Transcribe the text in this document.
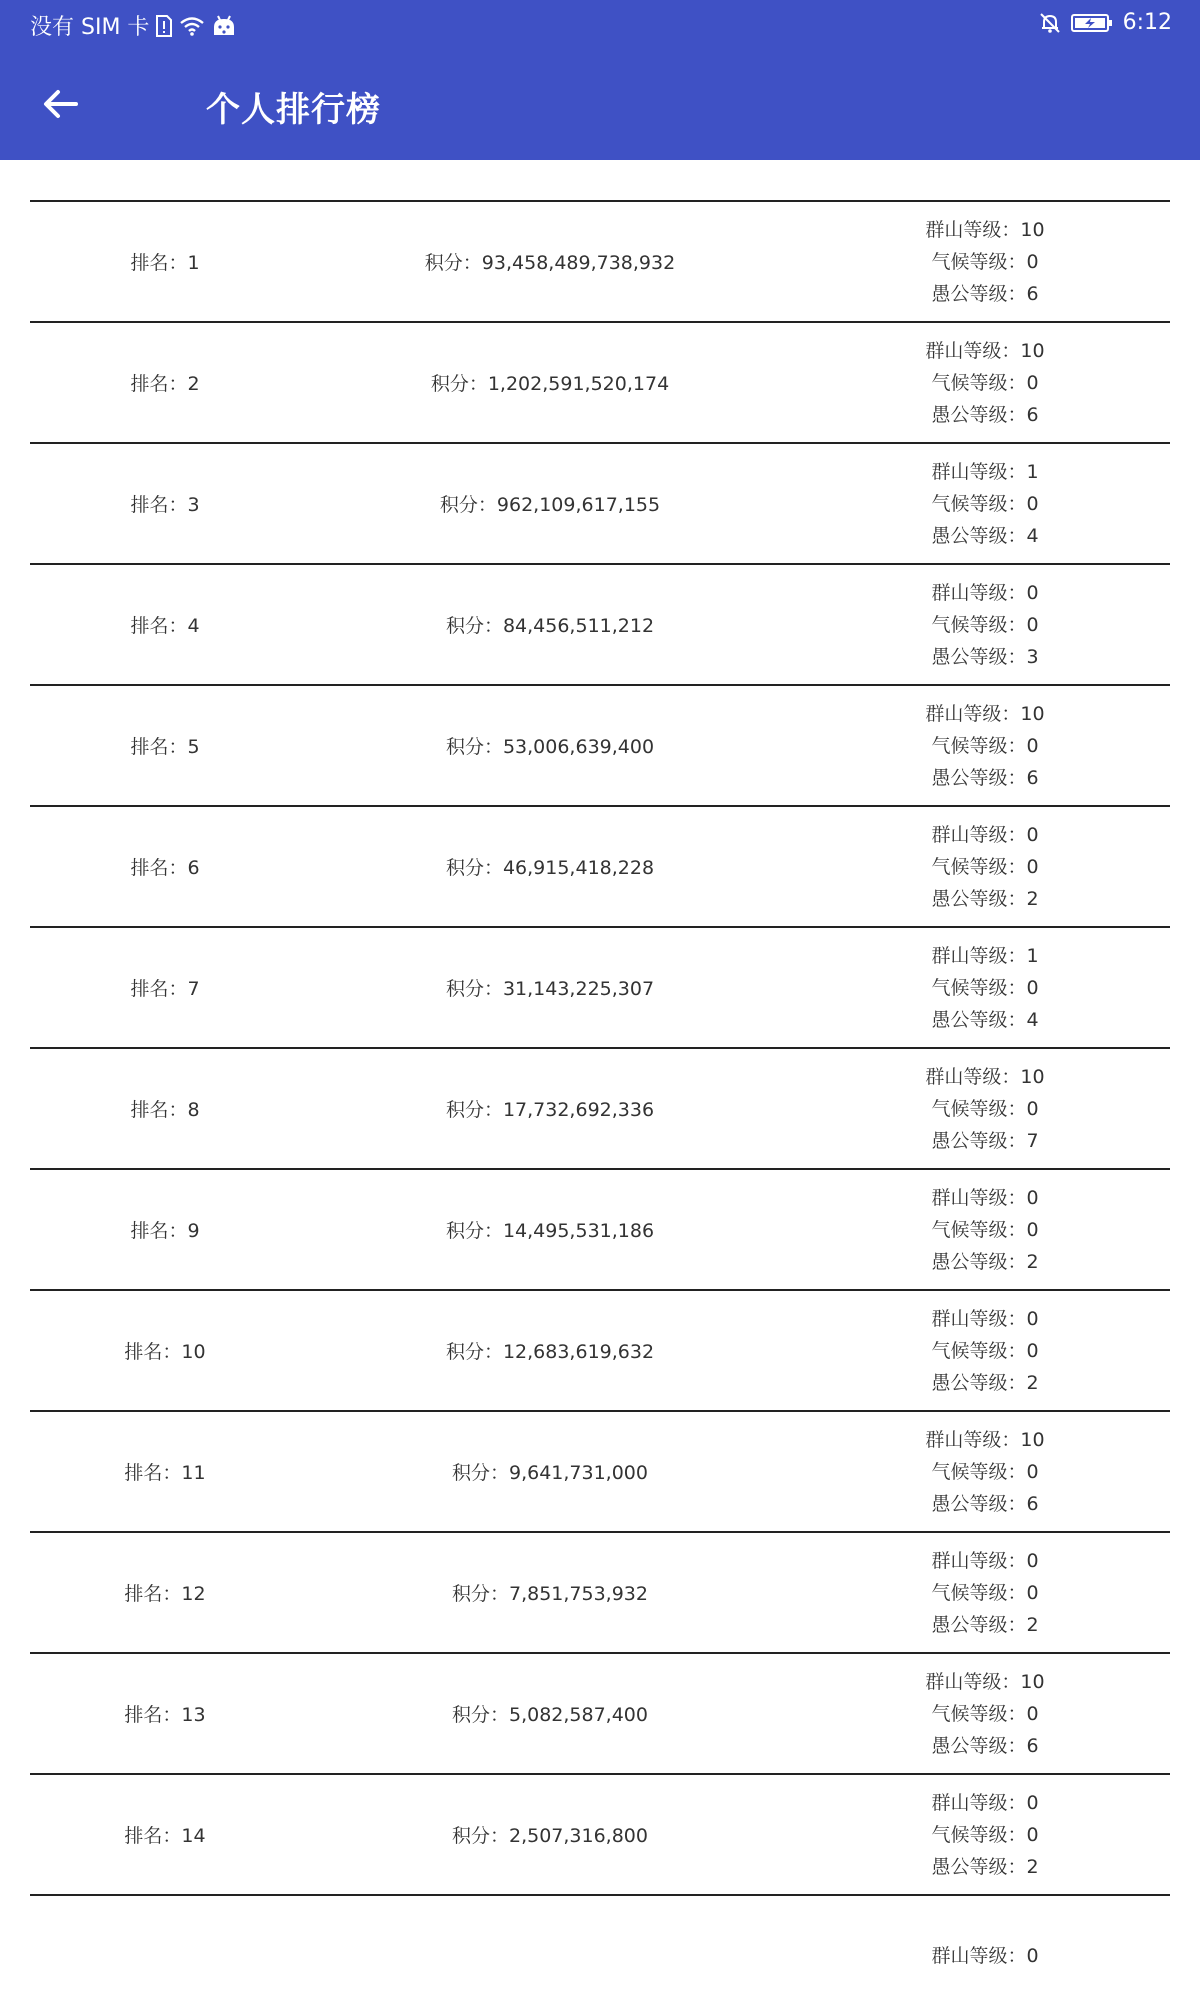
没有 SIM 卡	6:12
个人排行榜
排名：1	积分：93,458,489,738,932
群山等级：10
气候等级：0
愚公等级：6
排名：2	积分：1,202,591,520,174
群山等级：10
气候等级：0
愚公等级：6
排名：3	积分：962,109,617,155
群山等级：1
气候等级：0
愚公等级：4
排名：4	积分：84,456,511,212
群山等级：0
气候等级：0
愚公等级：3
排名：5	积分：53,006,639,400
群山等级：10
气候等级：0
愚公等级：6
排名：6	积分：46,915,418,228
群山等级：0
气候等级：0
愚公等级：2
排名：7	积分：31,143,225,307
群山等级：1
气候等级：0
愚公等级：4
排名：8	积分：17,732,692,336
群山等级：10
气候等级：0
愚公等级：7
排名：9	积分：14,495,531,186
群山等级：0
气候等级：0
愚公等级：2
排名：10	积分：12,683,619,632
群山等级：0
气候等级：0
愚公等级：2
排名：11	积分：9,641,731,000
群山等级：10
气候等级：0
愚公等级：6
排名：12	积分：7,851,753,932
群山等级：0
气候等级：0
愚公等级：2
排名：13	积分：5,082,587,400
群山等级：10
气候等级：0
愚公等级：6
排名：14	积分：2,507,316,800
群山等级：0
气候等级：0
愚公等级：2
群山等级：0
